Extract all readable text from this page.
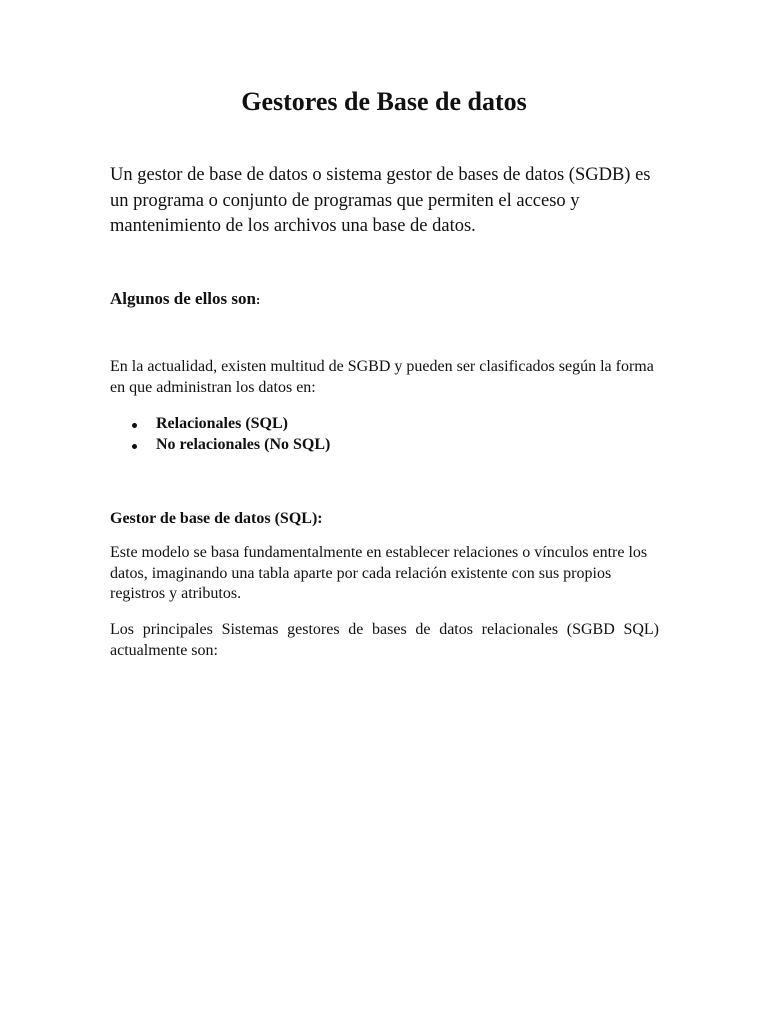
Gestores de Base de datos

Un gestor de base de datos o sistema gestor de bases de datos (SGDB) es un programa o conjunto de programas que permiten el acceso y mantenimiento de los archivos una base de datos.

Algunos de ellos son:

En la actualidad, existen multitud de SGBD y pueden ser clasificados según la forma en que administran los datos en:

Relacionales (SQL)
No relacionales (No SQL)

Gestor de base de datos (SQL):

Este modelo se basa fundamentalmente en establecer relaciones o vínculos entre los datos, imaginando una tabla aparte por cada relación existente con sus propios registros y atributos.

Los principales Sistemas gestores de bases de datos relacionales (SGBD SQL) actualmente son:
